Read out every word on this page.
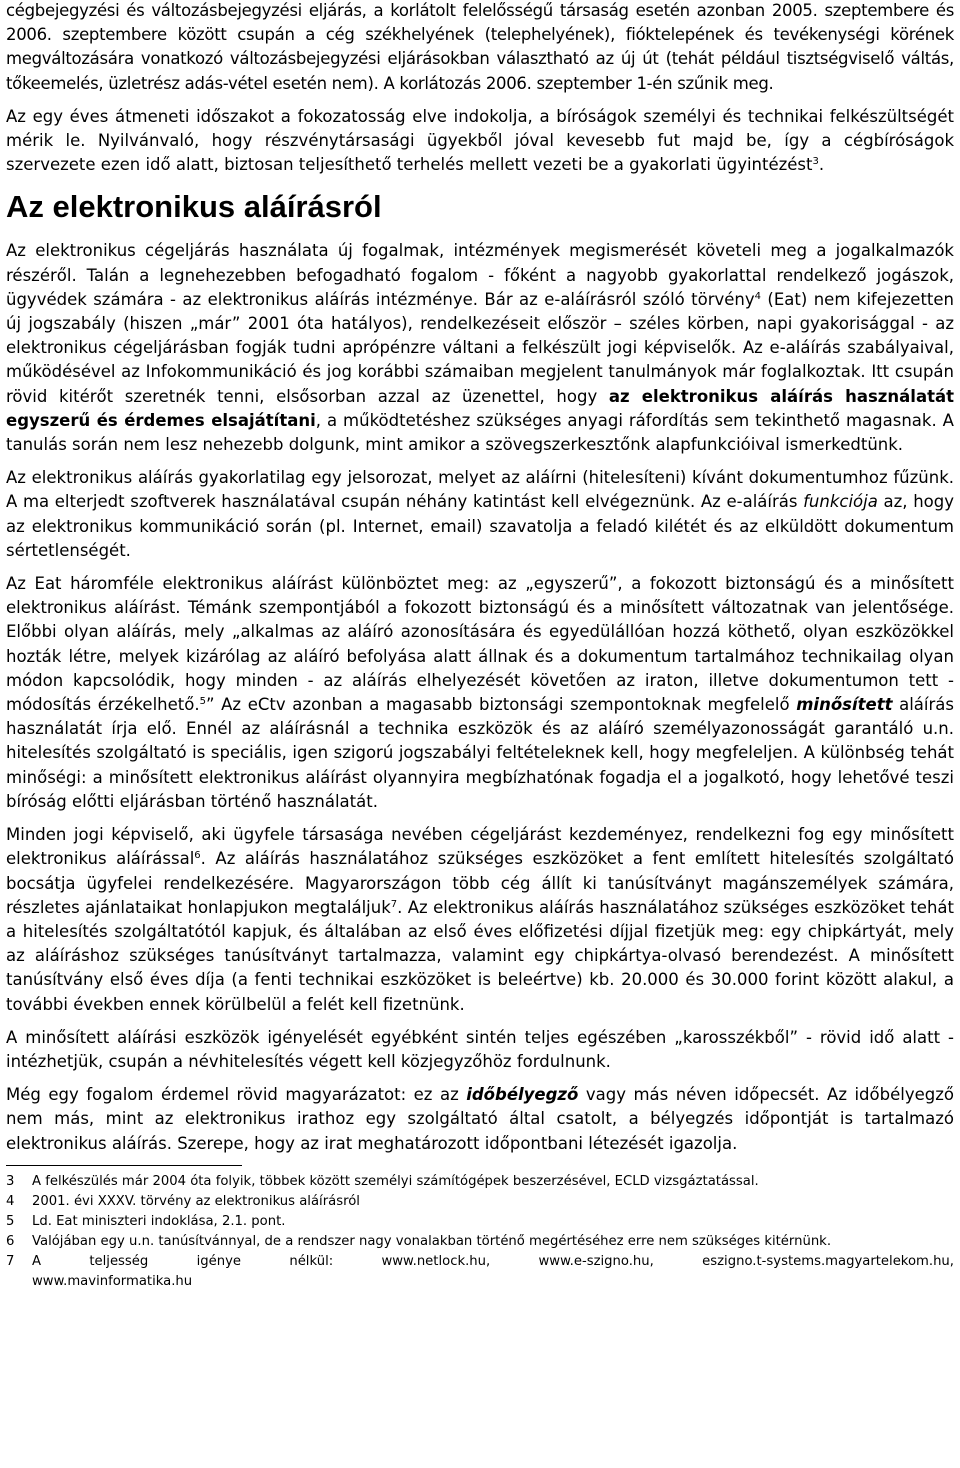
cégbejegyzési és változásbejegyzési eljárás, a korlátolt felelősségű társaság esetén azonban 2005. szeptembere és 2006. szeptembere között csupán a cég székhelyének (telephelyének), fióktelepének és tevékenységi körének megváltozására vonatkozó változásbejegyzési eljárásokban választható az új út (tehát például tisztségviselő váltás, tőkeemelés, üzletrész adás-vétel esetén nem). A korlátozás 2006. szeptember 1-én szűnik meg.

Az egy éves átmeneti időszakot a fokozatosság elve indokolja, a bíróságok személyi és technikai felkészültségét mérik le. Nyilvánvaló, hogy részvénytársasági ügyekből jóval kevesebb fut majd be, így a cégbíróságok szervezete ezen idő alatt, biztosan teljesíthető terhelés mellett vezeti be a gyakorlati ügyintézést$^3$.

Az elektronikus aláírásról

Az elektronikus cégeljárás használata új fogalmak, intézmények megismerését követeli meg a jogalkalmazók részéről. Talán a legnehezebben befogadható fogalom - főként a nagyobb gyakorlattal rendelkező jogászok, ügyvédek számára - az elektronikus aláírás intézménye. Bár az e-aláírásról szóló törvény$^4$ (Eat) nem kifejezetten új jogszabály (hiszen „már” 2001 óta hatályos), rendelkezéseit először – széles körben, napi gyakorisággal - az elektronikus cégeljárásban fogják tudni aprópénzre váltani a felkészült jogi képviselők. Az e-aláírás szabályaival, működésével az Infokommunikáció és jog korábbi számaiban megjelent tanulmányok már foglalkoztak. Itt csupán rövid kitérőt szeretnék tenni, elsősorban azzal az üzenettel, hogy az elektronikus aláírás használatát egyszerű és érdemes elsajátítani, a működtetéshez szükséges anyagi ráfordítás sem tekinthető magasnak. A tanulás során nem lesz nehezebb dolgunk, mint amikor a szövegszerkesztőnk alapfunkcióival ismerkedtünk.

Az elektronikus aláírás gyakorlatilag egy jelsorozat, melyet az aláírni (hitelesíteni) kívánt dokumentumhoz fűzünk. A ma elterjedt szoftverek használatával csupán néhány katintást kell elvégeznünk. Az e-aláírás funkciója az, hogy az elektronikus kommunikáció során (pl. Internet, email) szavatolja a feladó kilétét és az elküldött dokumentum sértetlenségét.

Az Eat háromféle elektronikus aláírást különböztet meg: az „egyszerű”, a fokozott biztonságú és a minősített elektronikus aláírást. Témánk szempontjából a fokozott biztonságú és a minősített változatnak van jelentősége. Előbbi olyan aláírás, mely „alkalmas az aláíró azonosítására és egyedülállóan hozzá köthető, olyan eszközökkel hozták létre, melyek kizárólag az aláíró befolyása alatt állnak és a dokumentum tartalmához technikailag olyan módon kapcsolódik, hogy minden - az aláírás elhelyezését követően az iraton, illetve dokumentumon tett - módosítás érzékelhető.$^5$” Az eCtv azonban a magasabb biztonsági szempontoknak megfelelő minősített aláírás használatát írja elő. Ennél az aláírásnál a technika eszközök és az aláíró személyazonosságát garantáló u.n. hitelesítés szolgáltató is speciális, igen szigorú jogszabályi feltételeknek kell, hogy megfeleljen. A különbség tehát minőségi: a minősített elektronikus aláírást olyannyira megbízhatónak fogadja el a jogalkotó, hogy lehetővé teszi bíróság előtti eljárásban történő használatát.

Minden jogi képviselő, aki ügyfele társasága nevében cégeljárást kezdeményez, rendelkezni fog egy minősített elektronikus aláírással$^6$. Az aláírás használatához szükséges eszközöket a fent említett hitelesítés szolgáltató bocsátja ügyfelei rendelkezésére. Magyarországon több cég állít ki tanúsítványt magánszemélyek számára, részletes ajánlataikat honlapjukon megtaláljuk$^7$. Az elektronikus aláírás használatához szükséges eszközöket tehát a hitelesítés szolgáltatótól kapjuk, és általában az első éves előfizetési díjjal fizetjük meg: egy chipkártyát, mely az aláíráshoz szükséges tanúsítványt tartalmazza, valamint egy chipkártya-olvasó berendezést. A minősített tanúsítvány első éves díja (a fenti technikai eszközöket is beleértve) kb. 20.000 és 30.000 forint között alakul, a további években ennek körülbelül a felét kell fizetnünk.

A minősített aláírási eszközök igényelését egyébként sintén teljes egészében „karosszékből” - rövid idő alatt - intézhetjük, csupán a névhitelesítés végett kell közjegyzőhöz fordulnunk.

Még egy fogalom érdemel rövid magyarázatot: ez az időbélyegző vagy más néven időpecsét. Az időbélyegző nem más, mint az elektronikus irathoz egy szolgáltató által csatolt, a bélyegzés időpontját is tartalmazó elektronikus aláírás. Szerepe, hogy az irat meghatározott időpontbani létezését igazolja.

3	A felkészülés már 2004 óta folyik, többek között személyi számítógépek beszerzésével, ECLD vizsgáztatással.
4	2001. évi XXXV. törvény az elektronikus aláírásról
5	Ld. Eat miniszteri indoklása, 2.1. pont.
6	Valójában egy u.n. tanúsítvánnyal, de a rendszer nagy vonalakban történő megértéséhez erre nem szükséges kitérnünk.
7	A teljesség igénye nélkül: www.netlock.hu, www.e-szigno.hu, eszigno.t-systems.magyartelekom.hu,
www.mavinformatika.hu
